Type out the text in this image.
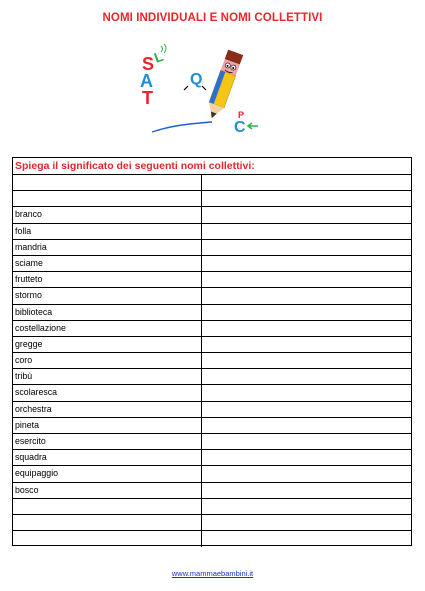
NOMI INDIVIDUALI E NOMI COLLETTIVI
S
L
A
T
Q
P
C
Spiega il significato dei seguenti nomi collettivi:
branco
folla
mandria
sciame
frutteto
stormo
biblioteca
costellazione
gregge
coro
tribù
scolaresca
orchestra
pineta
esercito
squadra
equipaggio
bosco
www.mammaebambini.it
